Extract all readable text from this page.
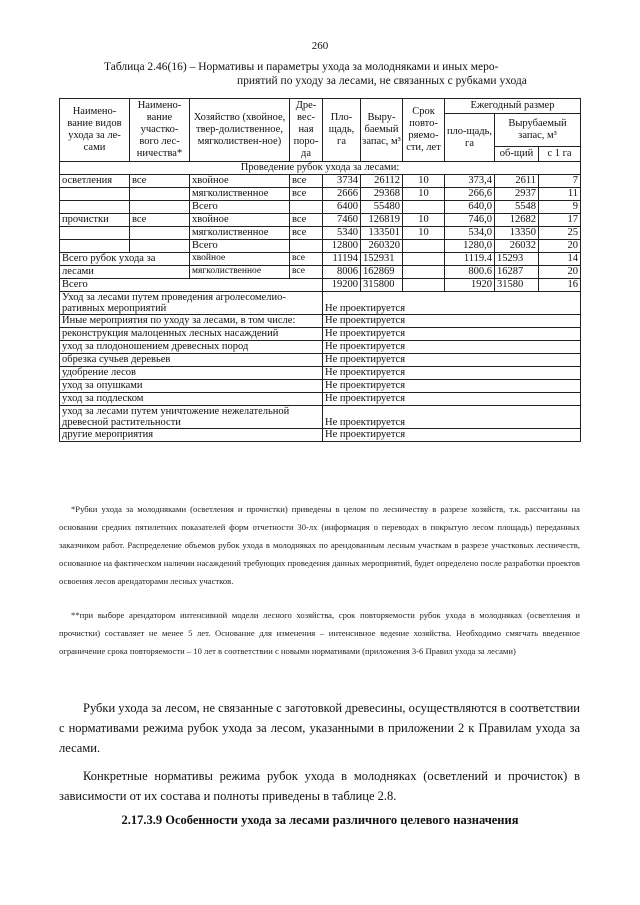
260
Таблица 2.46(16) – Нормативы и параметры ухода за молодняками и иных меро-
приятий по уходу за лесами, не связанных с рубками ухода
Наимено-вание видов ухода за ле-сами	Наимено-вание участко-вого лес-ничества*	Хозяйство (хвойное, твер-долиственное, мягколиствен-ное)	Дре-вес-ная поро-да	Пло-щадь, га	Выру-баемый запас, м³	Срок повто-ряемо-сти, лет	Ежегодный размер		
							пло-щадь, га	Вырубаемый запас, м³	
								об-щий	с 1 га
Проведение рубок ухода за лесами:									
осветления	все	хвойное	все	3734	26112	10	373,4	2611	7
		мягколиственное	все	2666	29368	10	266,6	2937	11
		Всего		6400	55480		640,0	5548	9
прочистки	все	хвойное	все	7460	126819	10	746,0	12682	17
		мягколиственное	все	5340	133501	10	534,0	13350	25
		Всего		12800	260320		1280,0	26032	20
Всего рубок ухода за		хвойное	все	11194	152931		1119.4	15293	14
лесами		мягколиственное	все	8006	162869		800.6	16287	20
Всего				19200	315800		1920	31580	16
Уход за лесами путем проведения агролесомелио-ративных мероприятий				Не проектируется					
Иные мероприятия по уходу за лесами, в том числе:				Не проектируется					
реконструкция малоценных лесных насаждений				Не проектируется					
уход за плодоношением древесных пород				Не проектируется					
обрезка сучьев деревьев				Не проектируется					
удобрение лесов				Не проектируется					
уход за опушками				Не проектируется					
уход за подлеском				Не проектируется					
уход за лесами путем уничтожение нежелательной древесной растительности				Не проектируется					
другие мероприятия				Не проектируется					

*Рубки ухода за молодняками (осветления и прочистки) приведены в целом по лесничеству в разрезе хозяйств, т.к. рассчитаны на основании средних пятилетних показателей форм отчетности 30-лх (информация о переводах в покрытую лесом площадь) переданных заказчиком работ. Распределение объемов рубок ухода в молодняках по арендованным лесным участкам в разрезе участковых лесничеств, основанное на фактическом наличии насаждений требующих проведения данных мероприятий, будет определено после разработки проектов освоения лесов арендаторами лесных участков.

**при выборе арендатором интенсивной модели лесного хозяйства, срок повторяемости рубок ухода в молодняках (осветления и прочистки) составляет не менее 5 лет. Основание для изменения – интенсивное ведение хозяйства. Необходимо смягчать введенное ограничение срока повторяемости – 10 лет в соответствии с новыми нормативами (приложения 3-6 Правил ухода за лесами)

Рубки ухода за лесом, не связанные с заготовкой древесины, осуществляются в соответствии с нормативами режима рубок ухода за лесом, указанными в приложении 2 к Правилам ухода за лесами.

Конкретные нормативы режима рубок ухода в молодняках (осветлений и прочисток) в зависимости от их состава и полноты приведены в таблице 2.8.

2.17.3.9 Особенности ухода за лесами различного целевого назначения
